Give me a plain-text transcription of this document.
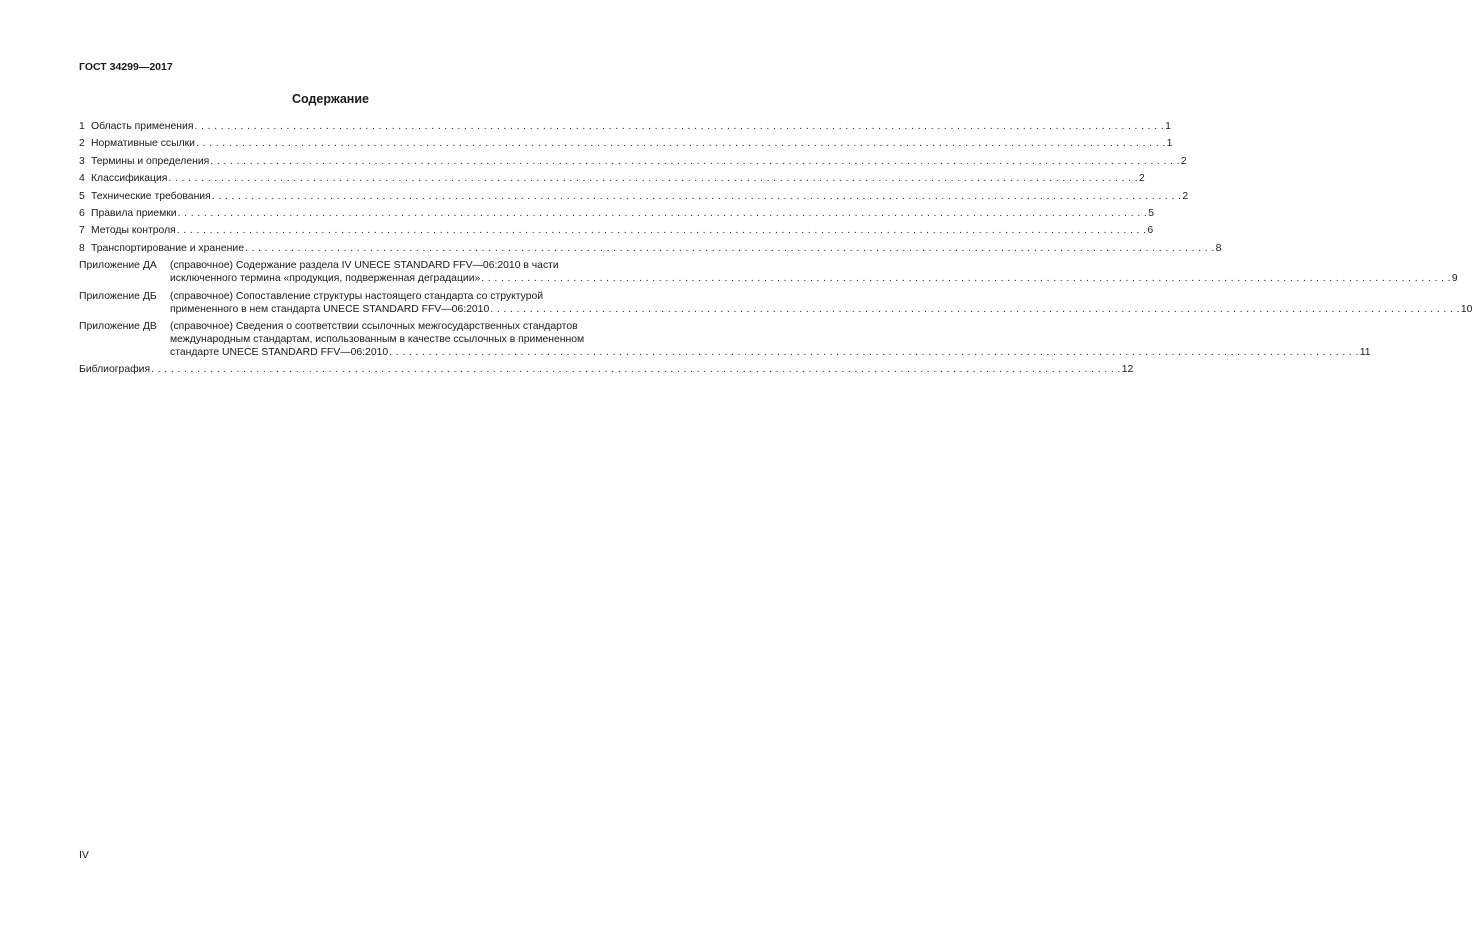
ГОСТ 34299—2017
Содержание
1 Область применения . . .	1
2 Нормативные ссылки . . .	1
3 Термины и определения . . .	2
4 Классификация . . .	2
5 Технические требования . . .	2
6 Правила приемки . . .	5
7 Методы контроля . . .	6
8 Транспортирование и хранение . . .	8
Приложение ДА	(справочное) Содержание раздела IV UNECE STANDARD FFV—06:2010 в части
исключенного термина «продукция, подверженная деградации» . . .	9
Приложение ДБ	(справочное) Сопоставление структуры настоящего стандарта со структурой
примененного в нем стандарта UNECE STANDARD FFV—06:2010 . . .	10
Приложение ДВ	(справочное) Сведения о соответствии ссылочных межгосударственных стандартов
международным стандартам, использованным в качестве ссылочных в примененном
стандарте UNECE STANDARD FFV—06:2010 . . .	11
Библиография . . .	12
IV
